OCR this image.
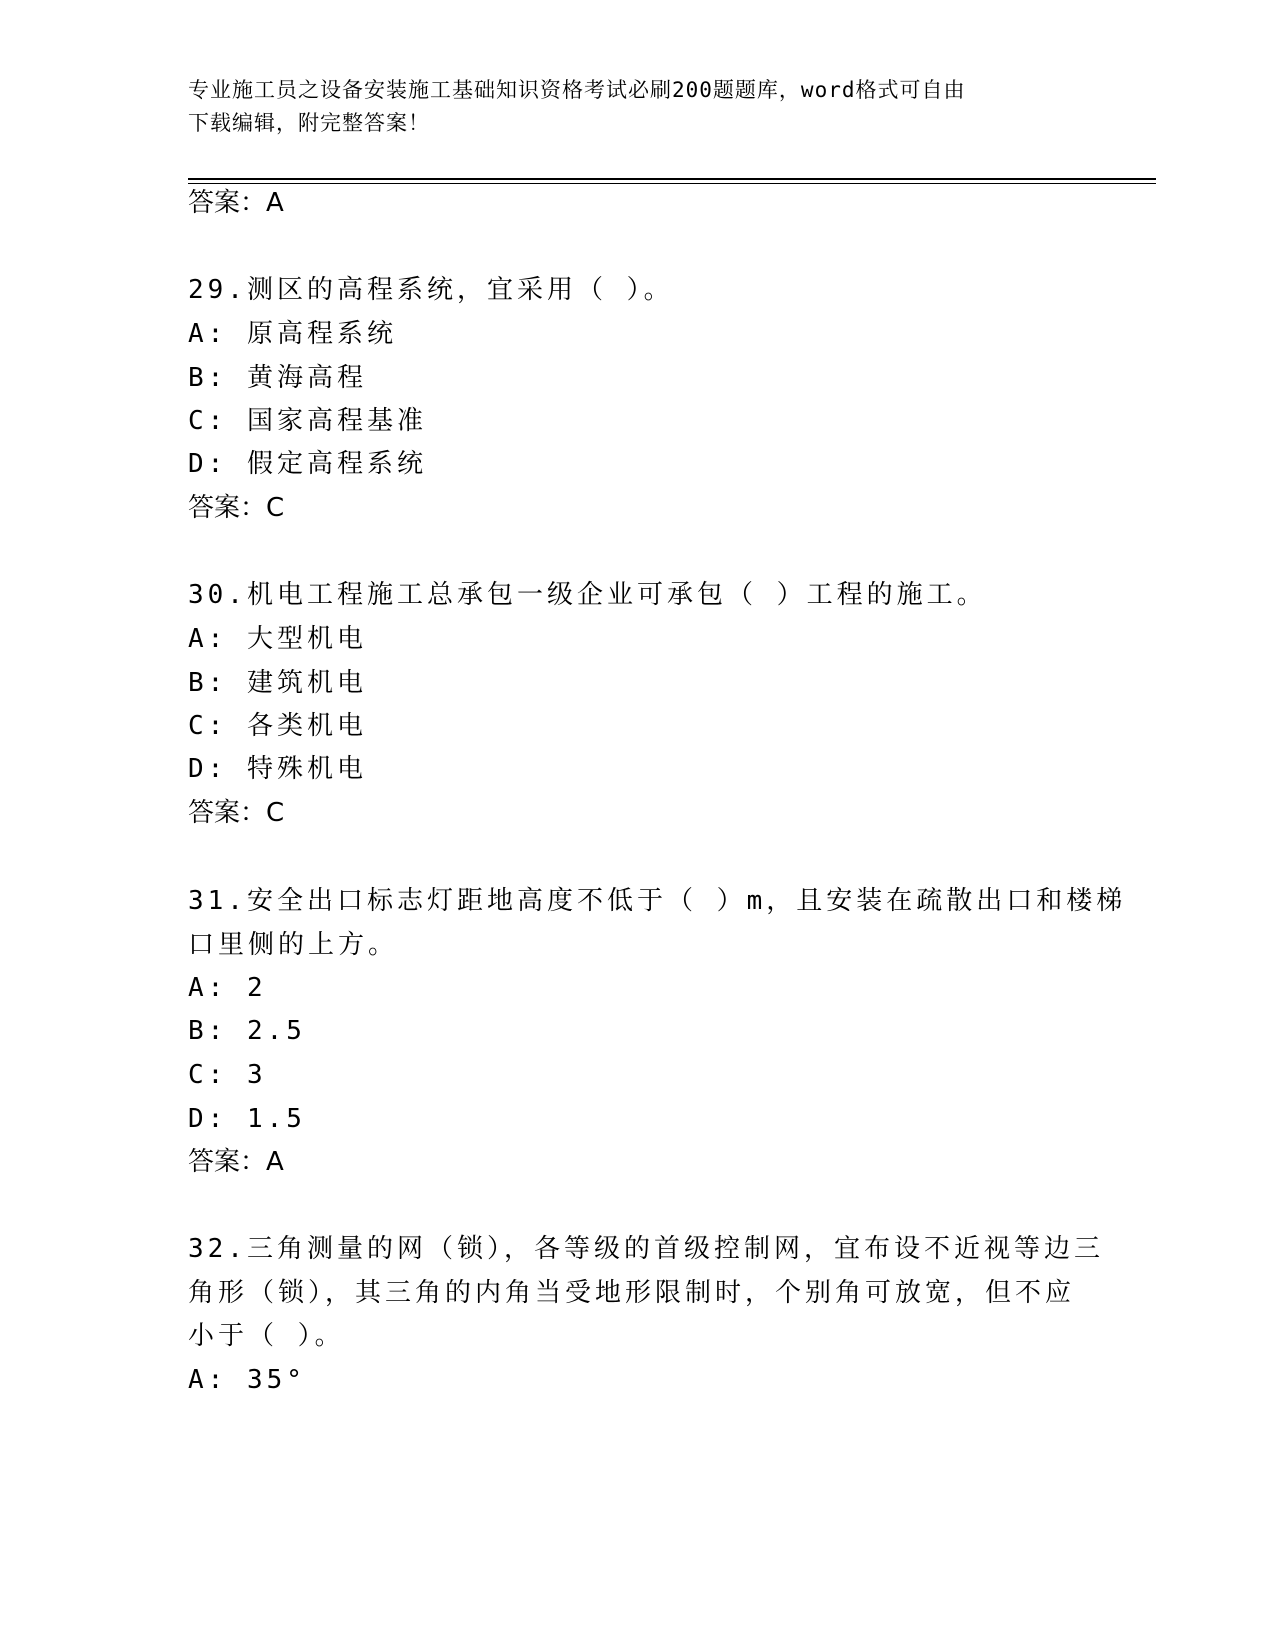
专业施工员之设备安装施工基础知识资格考试必刷200题题库，word格式可自由
下载编辑，附完整答案！
答案：A
29.测区的高程系统，宜采用（ ）。
A: 原高程系统
B: 黄海高程
C: 国家高程基准
D: 假定高程系统
答案：C
30.机电工程施工总承包一级企业可承包（ ）工程的施工。
A: 大型机电
B: 建筑机电
C: 各类机电
D: 特殊机电
答案：C
31.安全出口标志灯距地高度不低于（ ）m，且安装在疏散出口和楼梯
口里侧的上方。
A: 2
B: 2.5
C: 3
D: 1.5
答案：A
32.三角测量的网（锁），各等级的首级控制网，宜布设不近视等边三
角形（锁），其三角的内角当受地形限制时，个别角可放宽，但不应
小于（ ）。
A: 35°
